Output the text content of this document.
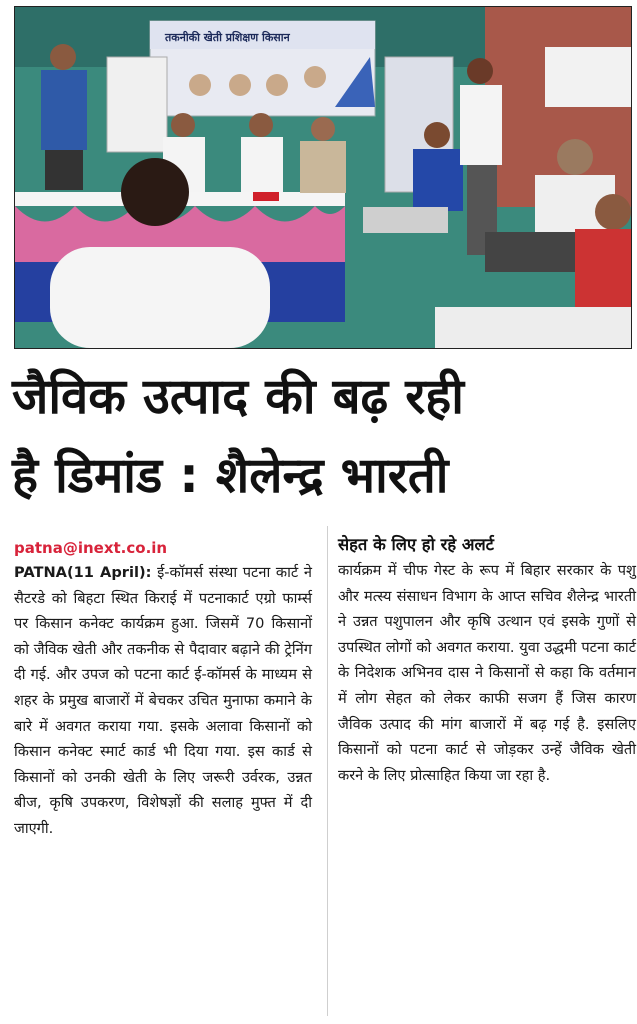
तकनीकी खेती प्रशिक्षण किसान
जैविक उत्पाद की बढ़ रही
है डिमांड : शैलेन्द्र भारती
patna@inext.co.in

PATNA(11 April): ई-कॉमर्स संस्था पटना कार्ट ने सैटरडे को बिहटा स्थित किराई में पटनाकार्ट एग्रो फार्म्स पर किसान कनेक्ट कार्यक्रम हुआ. जिसमें 70 किसानों को जैविक खेती और तकनीक से पैदावार बढ़ाने की ट्रेनिंग दी गई. और उपज को पटना कार्ट ई-कॉमर्स के माध्यम से शहर के प्रमुख बाजारों में बेचकर उचित मुनाफा कमाने के बारे में अवगत कराया गया. इसके अलावा किसानों को किसान कनेक्ट स्मार्ट कार्ड भी दिया गया. इस कार्ड से किसानों को उनकी खेती के लिए जरूरी उर्वरक, उन्नत बीज, कृषि उपकरण, विशेषज्ञों की सलाह मुफ्त में दी जाएगी.

सेहत के लिए हो रहे अलर्ट

कार्यक्रम में चीफ गेस्ट के रूप में बिहार सरकार के पशु और मत्स्य संसाधन विभाग के आप्त सचिव शैलेन्द्र भारती ने उन्नत पशुपालन और कृषि उत्थान एवं इसके गुणों से उपस्थित लोगों को अवगत कराया. युवा उद्धमी पटना कार्ट के निदेशक अभिनव दास ने किसानों से कहा कि वर्तमान में लोग सेहत को लेकर काफी सजग हैं जिस कारण जैविक उत्पाद की मांग बाजारों में बढ़ गई है. इसलिए किसानों को पटना कार्ट से जोड़कर उन्हें जैविक खेती करने के लिए प्रोत्साहित किया जा रहा है.
